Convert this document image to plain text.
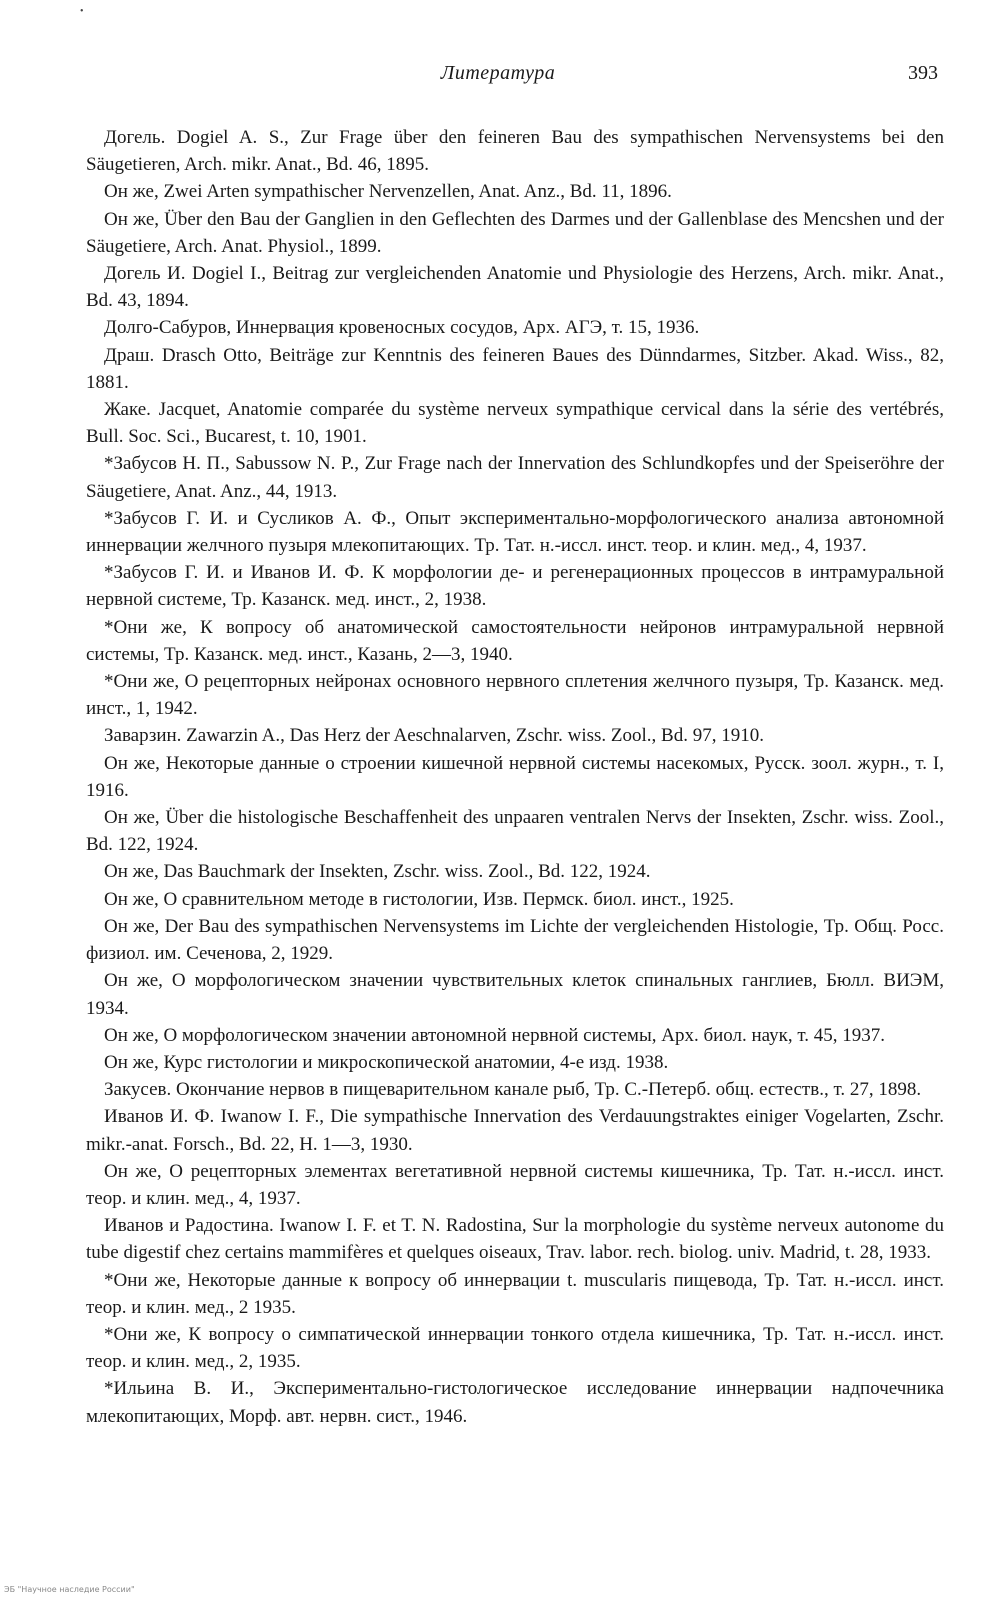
•
Литература	393

Догель. Dogiel A. S., Zur Frage über den feineren Bau des sympathischen Nervensystems bei den Säugetieren, Arch. mikr. Anat., Bd. 46, 1895.

Он же, Zwei Arten sympathischer Nervenzellen, Anat. Anz., Bd. 11, 1896.

Он же, Über den Bau der Ganglien in den Geflechten des Darmes und der Gallenblase des Mencshen und der Säugetiere, Arch. Anat. Physiol., 1899.

Догель И. Dogiel I., Beitrag zur vergleichenden Anatomie und Physiologie des Herzens, Arch. mikr. Anat., Bd. 43, 1894.

Долго-Сабуров, Иннервация кровеносных сосудов, Арх. АГЭ, т. 15, 1936.

Драш. Drasch Otto, Beiträge zur Kenntnis des feineren Baues des Dünndarmes, Sitzber. Akad. Wiss., 82, 1881.

Жаке. Jacquet, Anatomie comparée du système nerveux sympathique cervical dans la série des vertébrés, Bull. Soc. Sci., Bucarest, t. 10, 1901.

*Забусов Н. П., Sabussow N. P., Zur Frage nach der Innervation des Schlundkopfes und der Speiseröhre der Säugetiere, Anat. Anz., 44, 1913.

*Забусов Г. И. и Сусликов А. Ф., Опыт экспериментально-морфологического анализа автономной иннервации желчного пузыря млекопитающих. Тр. Тат. н.-иссл. инст. теор. и клин. мед., 4, 1937.

*Забусов Г. И. и Иванов И. Ф. К морфологии де- и регенерационных процессов в интрамуральной нервной системе, Тр. Казанск. мед. инст., 2, 1938.

*Они же, К вопросу об анатомической самостоятельности нейронов интрамуральной нервной системы, Тр. Казанск. мед. инст., Казань, 2—3, 1940.

*Они же, О рецепторных нейронах основного нервного сплетения желчного пузыря, Тр. Казанск. мед. инст., 1, 1942.

Заварзин. Zawarzin A., Das Herz der Aeschnalarven, Zschr. wiss. Zool., Bd. 97, 1910.

Он же, Некоторые данные о строении кишечной нервной системы насекомых, Русск. зоол. журн., т. I, 1916.

Он же, Über die histologische Beschaffenheit des unpaaren ventralen Nervs der Insekten, Zschr. wiss. Zool., Bd. 122, 1924.

Он же, Das Bauchmark der Insekten, Zschr. wiss. Zool., Bd. 122, 1924.

Он же, О сравнительном методе в гистологии, Изв. Пермск. биол. инст., 1925.

Он же, Der Bau des sympathischen Nervensystems im Lichte der vergleichenden Histologie, Тр. Общ. Росс. физиол. им. Сеченова, 2, 1929.

Он же, О морфологическом значении чувствительных клеток спинальных ганглиев, Бюлл. ВИЭМ, 1934.

Он же, О морфологическом значении автономной нервной системы, Арх. биол. наук, т. 45, 1937.

Он же, Курс гистологии и микроскопической анатомии, 4-е изд. 1938.

Закусев. Окончание нервов в пищеварительном канале рыб, Тр. С.-Петерб. общ. естеств., т. 27, 1898.

Иванов И. Ф. Iwanow I. F., Die sympathische Innervation des Verdauungstraktes einiger Vogelarten, Zschr. mikr.-anat. Forsch., Bd. 22, H. 1—3, 1930.

Он же, О рецепторных элементах вегетативной нервной системы кишечника, Тр. Тат. н.-иссл. инст. теор. и клин. мед., 4, 1937.

Иванов и Радостина. Iwanow I. F. et T. N. Radostina, Sur la morphologie du système nerveux autonome du tube digestif chez certains mammifères et quelques oiseaux, Trav. labor. rech. biolog. univ. Madrid, t. 28, 1933.

*Они же, Некоторые данные к вопросу об иннервации t. muscularis пищевода, Тр. Тат. н.-иссл. инст. теор. и клин. мед., 2 1935.

*Они же, К вопросу о симпатической иннервации тонкого отдела кишечника, Тр. Тат. н.-иссл. инст. теор. и клин. мед., 2, 1935.

*Ильина В. И., Экспериментально-гистологическое исследование иннервации надпочечника млекопитающих, Морф. авт. нервн. сист., 1946.

ЭБ "Научное наследие России"
